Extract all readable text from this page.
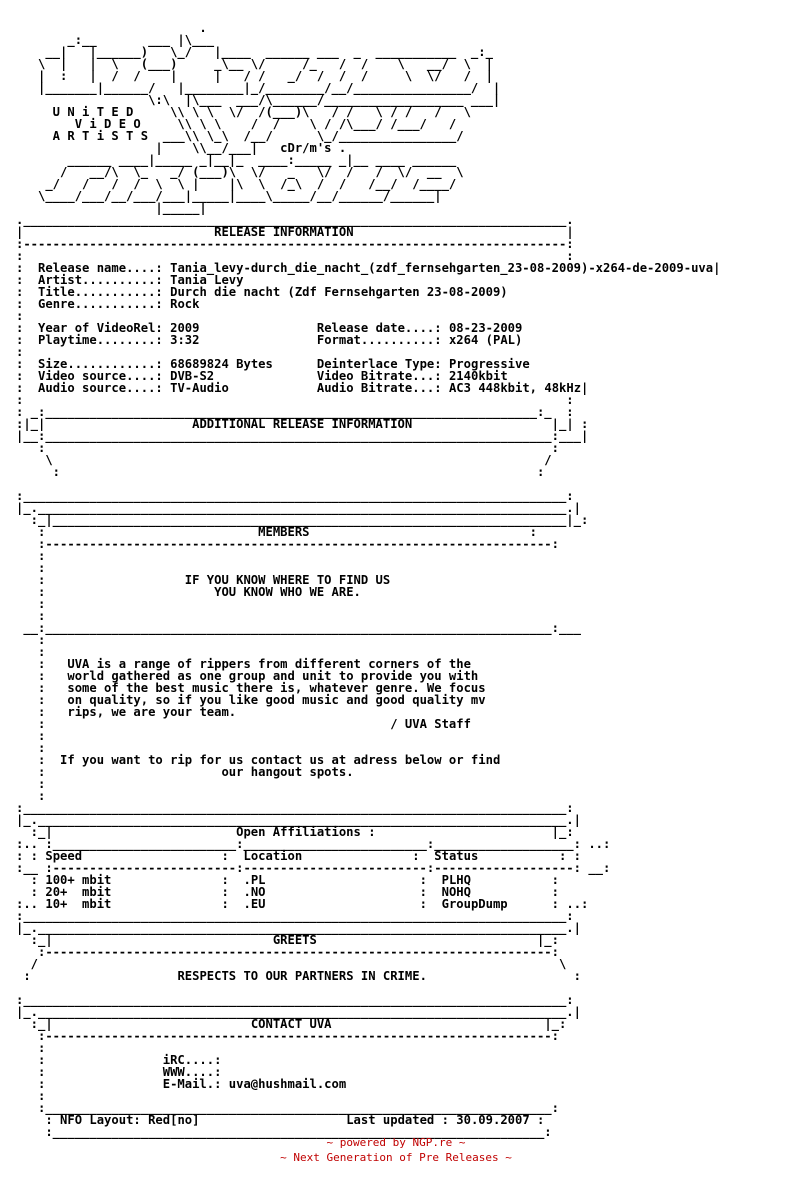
.
_:__       ___ |\___
__|   |______)   \_/   |____  ______ ___  _  ___________  _:_
\  |   |  \   (___)     _\__ \/     /_   /  /    \   __/  \  |
|  :   |  /  /    |     |   / /   _/  /  /  /     \  \/   /  |
|_______|______/   |________|_/________/__/________________/  |
\:\  |\___  ___/\______/___________________ ___|
U N i T E D     \\ \ \  \/  /(___)\   / /   \ / /   /   \
V i D E O     \\ \ \    /  /    \ / /\___/ /___/   /
A R T i S T S  ___\\ \_\  /__/      \_/________________/
|    \\__/___|   cDr/m's .
______ ____|_____ _|__|_  ____:_____ _|__ ____ ______
/   __/\  \_   _/ (___)\  \/   _   \/  /   /  \/  __  \
_/   /   /  /  \  \ |    |\  \  /_\  /  /   /__/  /____/
\____/___/__/___/___|_____|____\_____/__/______/______|
|_____|
.__________________________________________________________________________.
|	RELEASE INFORMATION	|
:--------------------------------------------------------------------------:
:                                                                          :
:  Release name....: Tania_levy-durch_die_nacht_(zdf_fernsehgarten_23-08-2009)-x264-de-2009-uva|
:  Artist..........: Tania Levy
:  Title...........: Durch die nacht (Zdf Fernsehgarten 23-08-2009)
:  Genre...........: Rock
:
:  Year of VideoRel: 2009	Release date....: 08-23-2009
:  Playtime........: 3:32	Format..........: x264 (PAL)
:
:  Size............: 68689824 Bytes	Deinterlace Type: Progressive
:  Video source....: DVB-S2	Video Bitrate...: 2140kbit
:  Audio source....: TV-Audio	Audio Bitrate...: AC3 448kbit, 48kHz|
:                                                                          :
: _:___________________________________________________________________:_  :
:|_|	ADDITIONAL RELEASE INFORMATION	|_| :
|__:_____________________________________________________________________:___|
:                                                                     :
\                                                                   /
:                                                                 :

:__________________________________________________________________________:
|_.________________________________________________________________________.|
:_|______________________________________________________________________|_:
:	MEMBERS	:
:---------------------------------------------------------------------:
:
:
:	IF YOU KNOW WHERE TO FIND US
:	YOU KNOW WHO WE ARE.
:
:
__:_____________________________________________________________________:___
:
:
:   UVA is a range of rippers from different corners of the
:   world gathered as one group and unit to provide you with
:   some of the best music there is, whatever genre. We focus
:   on quality, so if you like good music and good quality mv
:   rips, we are your team.
:	/ UVA Staff
:
:
:  If you want to rip for us contact us at adress below or find
:	our hangout spots.
:
:
:__________________________________________________________________________:
|_.________________________________________________________________________.|
:_|	Open Affiliations :	|_:
:.. :_________________________:_________________________:___________________: ..:
: : Speed                   :  Location               :  Status	: :
:__ :-------------------------:-------------------------:-------------------: __:
: 100+ mbit               :  .PL                     :  PLHQ	:
: 20+  mbit               :  .NO                     :  NOHQ	:
:.. 10+  mbit               :  .EU                     :  GroupDump	: ..:
:__________________________________________________________________________:
|_.________________________________________________________________________.|
:_|	GREETS	|_:
:---------------------------------------------------------------------:
/                                                                       \
:	RESPECTS TO OUR PARTNERS IN CRIME.	:

:__________________________________________________________________________:
|_.________________________________________________________________________.|
:_|	CONTACT UVA	|_:
:---------------------------------------------------------------------:
:
:	iRC....:
:	WWW....:
:	E-Mail.: uva@hushmail.com
:
:_____________________________________________________________________:
: NFO Layout: Red[no]	Last updated : 30.09.2007 :
:___________________________________________________________________:
~ powered by NGP.re ~
~ Next Generation of Pre Releases ~
